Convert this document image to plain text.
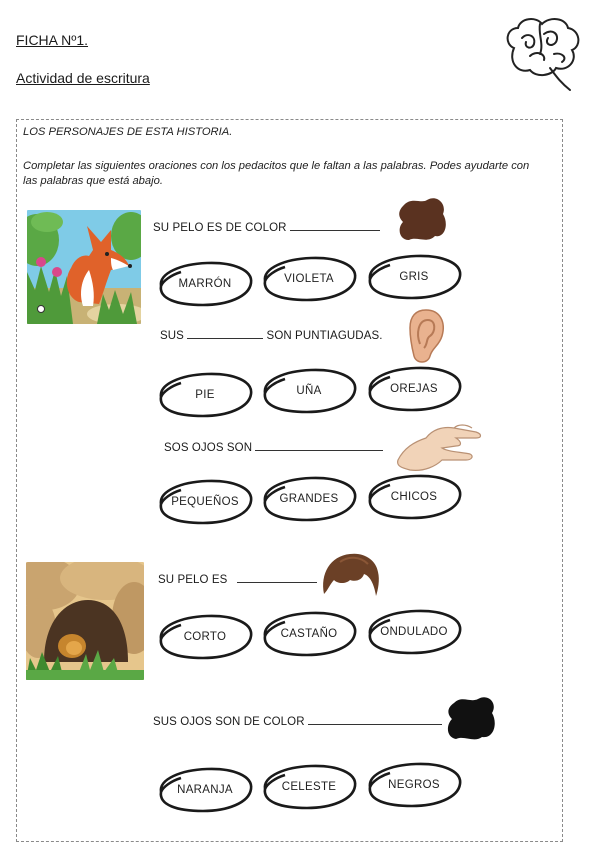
FICHA Nº1.
Actividad de escritura
LOS PERSONAJES DE ESTA HISTORIA.
Completar las siguientes oraciones con los pedacitos que le faltan a las palabras. Podes ayudarte con las palabras que está abajo.
SU PELO ES DE COLOR
MARRÓN	VIOLETA	GRIS
SUS	SON PUNTIAGUDAS.
PIE	UÑA	OREJAS
SOS OJOS SON
PEQUEÑOS	GRANDES	CHICOS
SU PELO ES
CORTO	CASTAÑO	ONDULADO
SUS OJOS SON DE COLOR
NARANJA	CELESTE	NEGROS
